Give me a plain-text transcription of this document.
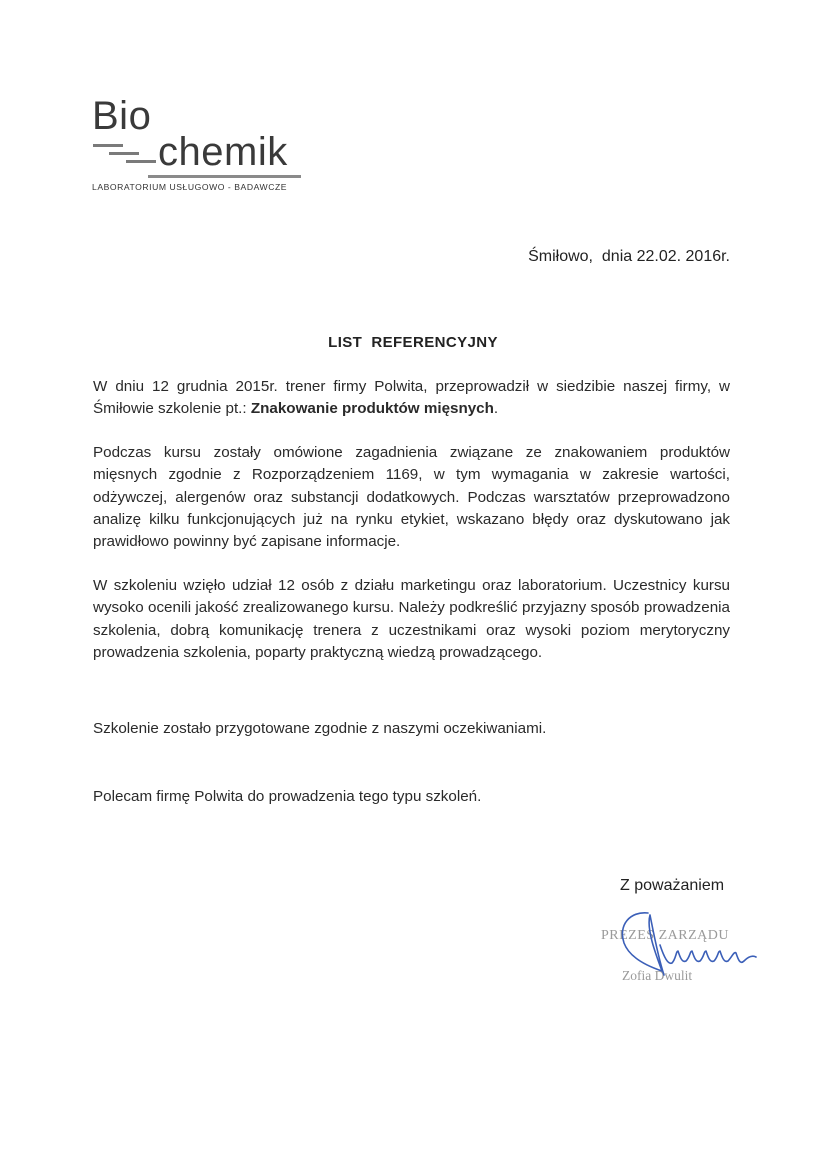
Bio
chemik
LABORATORIUM USŁUGOWO - BADAWCZE
Śmiłowo,  dnia 22.02. 2016r.
LIST  REFERENCYJNY

W dniu 12 grudnia 2015r. trener firmy Polwita, przeprowadził w siedzibie naszej firmy, w Śmiłowie szkolenie pt.: Znakowanie produktów mięsnych.

Podczas kursu zostały omówione zagadnienia związane ze znakowaniem produktów mięsnych zgodnie z Rozporządzeniem 1169, w tym wymagania w zakresie wartości, odżywczej, alergenów oraz substancji dodatkowych. Podczas warsztatów przeprowadzono analizę kilku funkcjonujących już na rynku etykiet, wskazano błędy oraz dyskutowano jak prawidłowo powinny być zapisane informacje.

W szkoleniu wzięło udział 12 osób z działu marketingu oraz laboratorium. Uczestnicy kursu wysoko ocenili jakość zrealizowanego kursu. Należy podkreślić przyjazny sposób prowadzenia szkolenia, dobrą komunikację trenera z uczestnikami oraz wysoki poziom merytoryczny prowadzenia szkolenia, poparty praktyczną wiedzą prowadzącego.

Szkolenie zostało przygotowane zgodnie z naszymi oczekiwaniami.

Polecam firmę Polwita do prowadzenia tego typu szkoleń.

Z poważaniem
PREZES ZARZĄDU
Zofia Dwulit
